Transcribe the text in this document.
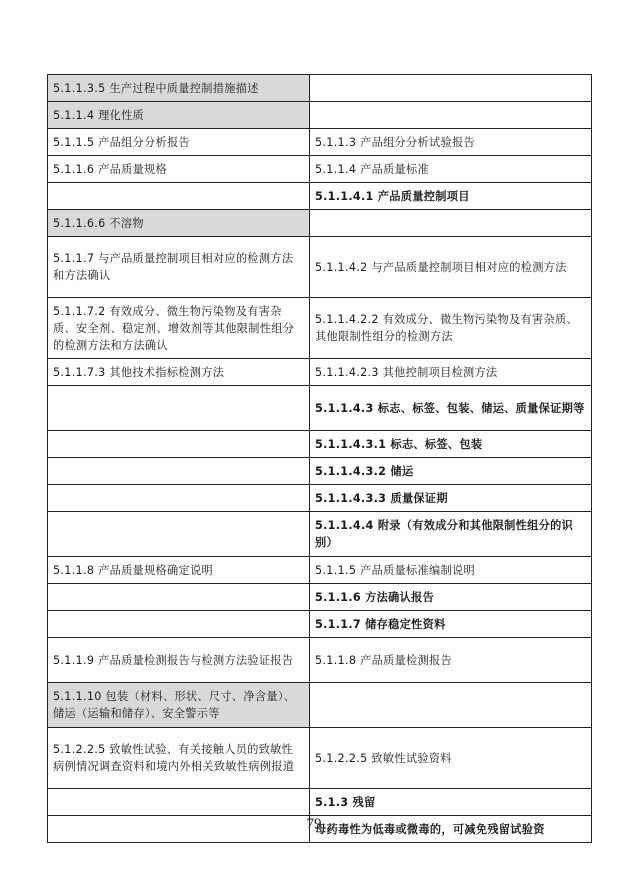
5.1.1.3.5 生产过程中质量控制措施描述	
5.1.1.4 理化性质	
5.1.1.5 产品组分分析报告	5.1.1.3 产品组分分析试验报告
5.1.1.6 产品质量规格	5.1.1.4 产品质量标准
	5.1.1.4.1 产品质量控制项目
5.1.1.6.6 不溶物	
5.1.1.7 与产品质量控制项目相对应的检测方法和方法确认	5.1.1.4.2 与产品质量控制项目相对应的检测方法
5.1.1.7.2 有效成分、微生物污染物及有害杂质、安全剂、稳定剂、增效剂等其他限制性组分的检测方法和方法确认	5.1.1.4.2.2 有效成分、微生物污染物及有害杂质、其他限制性组分的检测方法
5.1.1.7.3 其他技术指标检测方法	5.1.1.4.2.3 其他控制项目检测方法
	5.1.1.4.3 标志、标签、包装、储运、质量保证期等
	5.1.1.4.3.1 标志、标签、包装
	5.1.1.4.3.2 储运
	5.1.1.4.3.3 质量保证期
	5.1.1.4.4 附录（有效成分和其他限制性组分的识别）
5.1.1.8 产品质量规格确定说明	5.1.1.5 产品质量标准编制说明
	5.1.1.6 方法确认报告
	5.1.1.7 储存稳定性资料
5.1.1.9 产品质量检测报告与检测方法验证报告	5.1.1.8 产品质量检测报告
5.1.1.10 包装（材料、形状、尺寸、净含量）、储运（运输和储存）、安全警示等	
5.1.2.2.5 致敏性试验、有关接触人员的致敏性病例情况调查资料和境内外相关致敏性病例报道	5.1.2.2.5 致敏性试验资料
	5.1.3 残留
	母药毒性为低毒或微毒的，可减免残留试验资
79
